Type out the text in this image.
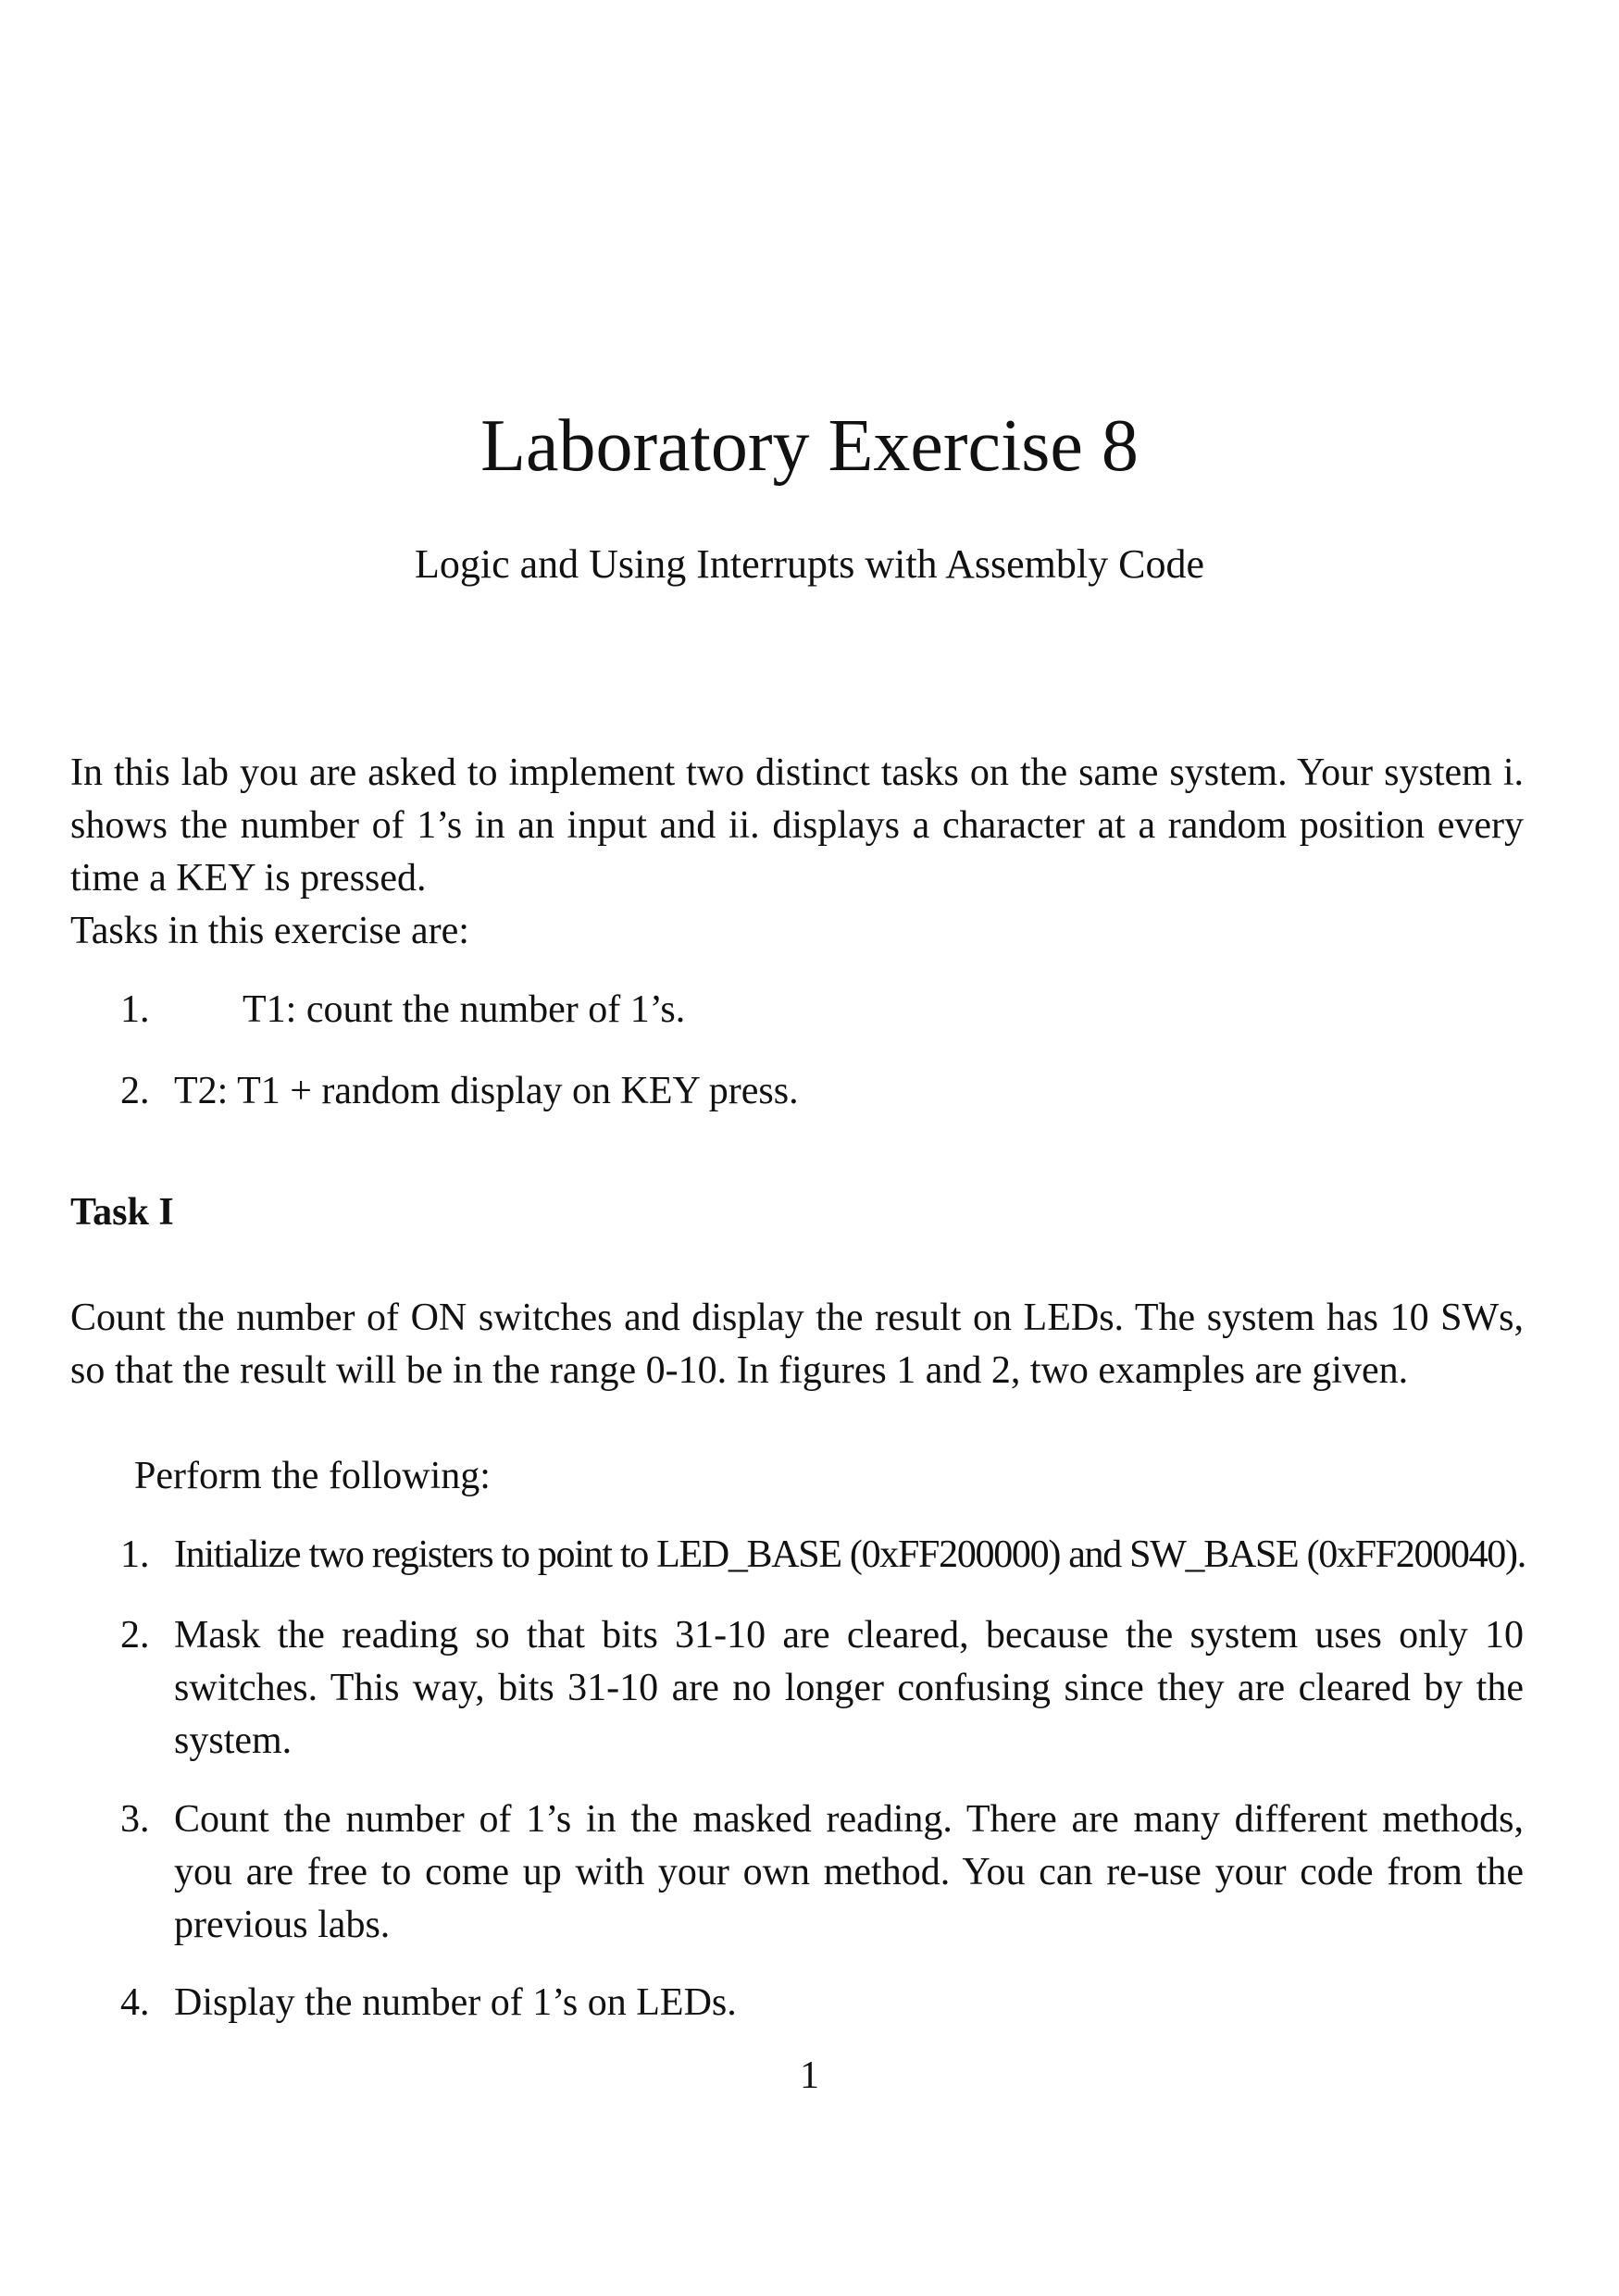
Laboratory Exercise 8
Logic and Using Interrupts with Assembly Code

In this lab you are asked to implement two distinct tasks on the same system. Your system i. shows the number of 1’s in an input and ii. displays a character at a random position every time a KEY is pressed.

Tasks in this exercise are:

1. T1: count the number of 1’s.
2. T2: T1 + random display on KEY press.
Task I

Count the number of ON switches and display the result on LEDs. The system has 10 SWs, so that the result will be in the range 0-10. In figures 1 and 2, two examples are given.

Perform the following:

1. Initialize two registers to point to LED_BASE (0xFF200000) and SW_BASE (0xFF200040).
2. Mask the reading so that bits 31-10 are cleared, because the system uses only 10 switches. This way, bits 31-10 are no longer confusing since they are cleared by the system.

3. Count the number of 1’s in the masked reading. There are many different methods, you are free to come up with your own method. You can re-use your code from the previous labs.

4. Display the number of 1’s on LEDs.
1
